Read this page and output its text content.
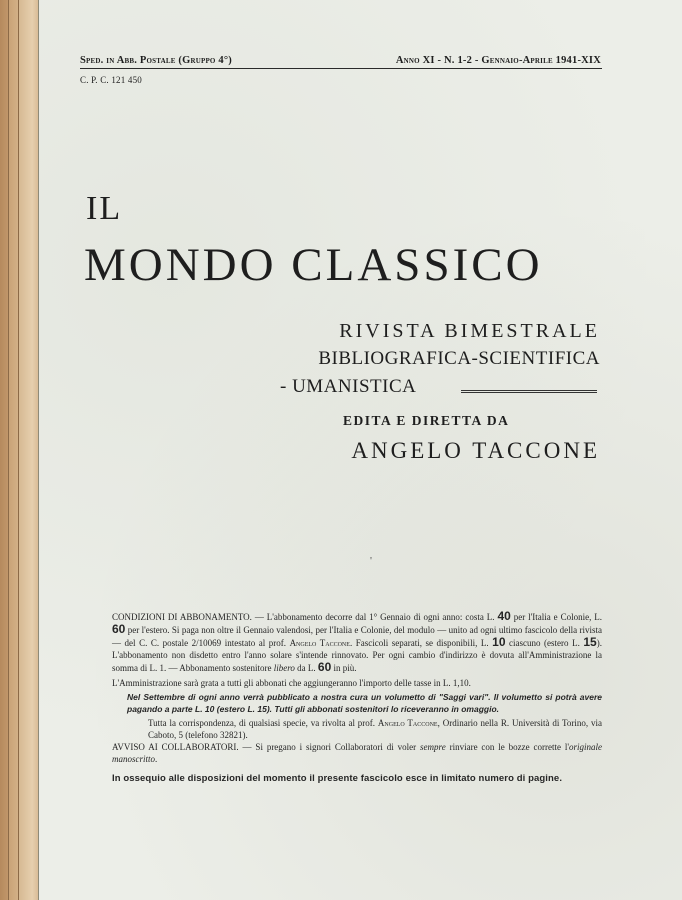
Sped. in Abb. Postale (Gruppo 4°)	Anno XI - N. 1-2 - Gennaio-Aprile 1941-XIX
C. P. C. 121 450
IL
MONDO CLASSICO
RIVISTA BIMESTRALE
BIBLIOGRAFICA-SCIENTIFICA
- UMANISTICA
EDITA E DIRETTA DA
ANGELO TACCONE
'

CONDIZIONI DI ABBONAMENTO. — L'abbonamento decorre dal 1° Gennaio di ogni anno: costa L. 40 per l'Italia e Colonie, L. 60 per l'estero. Si paga non oltre il Gennaio valendosi, per l'Italia e Colonie, del modulo — unito ad ogni ultimo fascicolo della rivista — del C. C. postale 2/10069 intestato al prof. Angelo Taccone. Fascicoli separati, se disponibili, L. 10 ciascuno (estero L. 15). L'abbonamento non disdetto entro l'anno solare s'intende rinnovato. Per ogni cambio d'indirizzo è dovuta all'Amministrazione la somma di L. 1. — Abbonamento sostenitore libero da L. 60 in più.

L'Amministrazione sarà grata a tutti gli abbonati che aggiungeranno l'importo delle tasse in L. 1,10.

Nel Settembre di ogni anno verrà pubblicato a nostra cura un volumetto di "Saggi vari". Il volumetto si potrà avere pagando a parte L. 10 (estero L. 15). Tutti gli abbonati sostenitori lo riceveranno in omaggio.

Tutta la corrispondenza, di qualsiasi specie, va rivolta al prof. Angelo Taccone, Ordinario nella R. Università di Torino, via Caboto, 5 (telefono 32821).

AVVISO AI COLLABORATORI. — Si pregano i signori Collaboratori di voler sempre rinviare con le bozze corrette l'originale manoscritto.

In ossequio alle disposizioni del momento il presente fascicolo esce in limitato numero di pagine.
